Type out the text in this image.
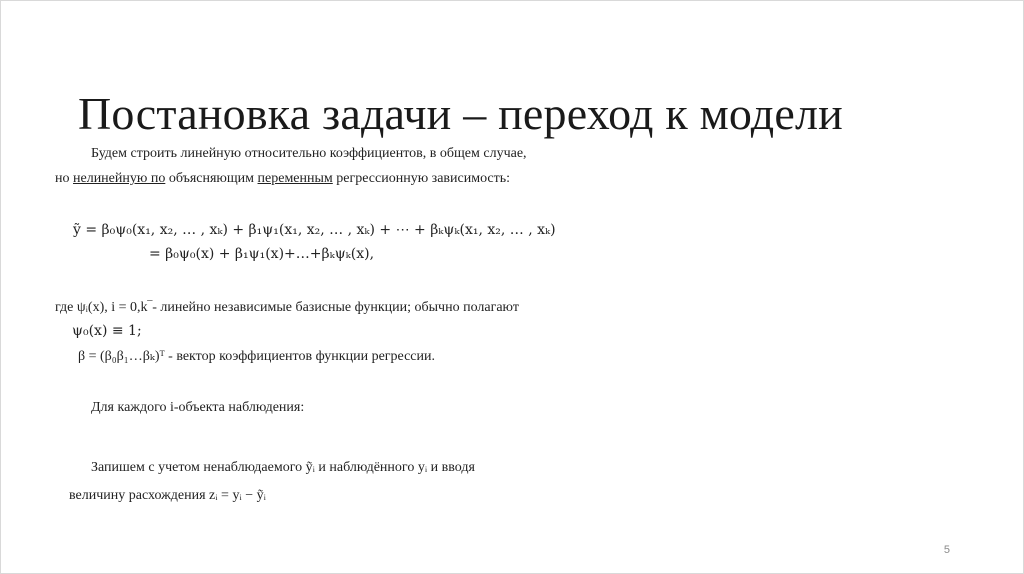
Постановка задачи – переход к модели
Будем строить линейную относительно коэффициентов, в общем случае,
но нелинейную по объясняющим переменным регрессионную зависимость:
ỹ = β₀ψ₀(x₁, x₂, … , xₖ) + β₁ψ₁(x₁, x₂, … , xₖ) + ⋯ + βₖψₖ(x₁, x₂, … , xₖ)
= β₀ψ₀(x) + β₁ψ₁(x)+…+βₖψₖ(x),
где ψᵢ(x), i = 0,k‾- линейно независимые базисные функции; обычно полагают
ψ₀(x) ≡ 1;
β = (β₀β₁…βₖ)ᵀ - вектор коэффициентов функции регрессии.
Для каждого i-объекта наблюдения:
Запишем с учетом ненаблюдаемого ỹᵢ и наблюдённого yᵢ и вводя
величину расхождения zᵢ = yᵢ − ỹᵢ
5
